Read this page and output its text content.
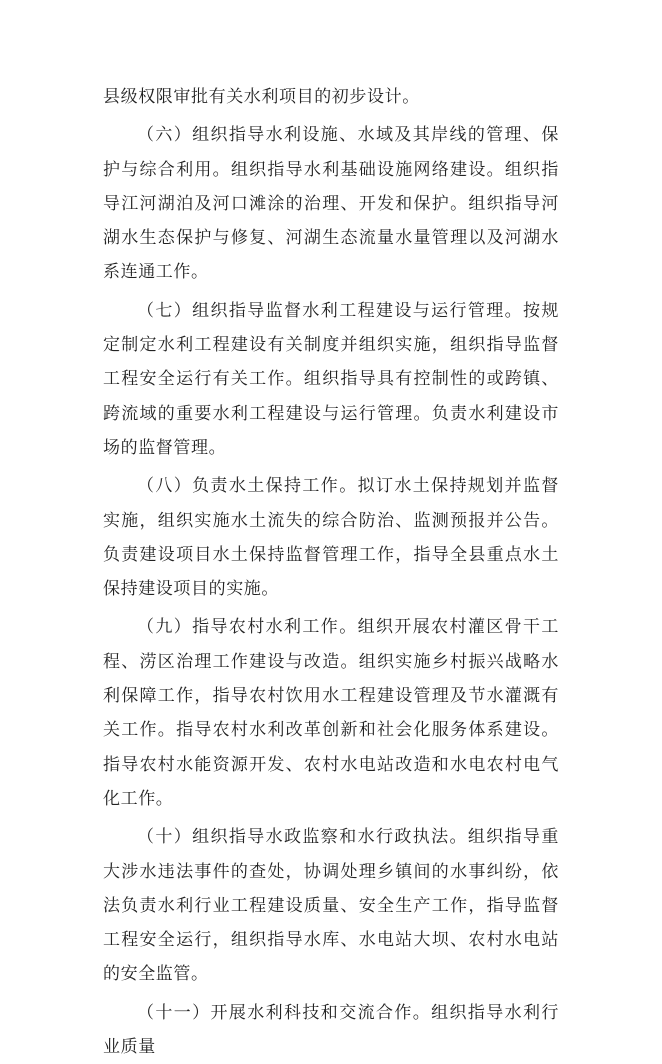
县级权限审批有关水利项目的初步设计。

（六）组织指导水利设施、水域及其岸线的管理、保护与综合利用。组织指导水利基础设施网络建设。组织指导江河湖泊及河口滩涂的治理、开发和保护。组织指导河湖水生态保护与修复、河湖生态流量水量管理以及河湖水系连通工作。

（七）组织指导监督水利工程建设与运行管理。按规定制定水利工程建设有关制度并组织实施，组织指导监督工程安全运行有关工作。组织指导具有控制性的或跨镇、跨流域的重要水利工程建设与运行管理。负责水利建设市场的监督管理。

（八）负责水土保持工作。拟订水土保持规划并监督实施，组织实施水土流失的综合防治、监测预报并公告。负责建设项目水土保持监督管理工作，指导全县重点水土保持建设项目的实施。

（九）指导农村水利工作。组织开展农村灌区骨干工程、涝区治理工作建设与改造。组织实施乡村振兴战略水利保障工作，指导农村饮用水工程建设管理及节水灌溉有关工作。指导农村水利改革创新和社会化服务体系建设。指导农村水能资源开发、农村水电站改造和水电农村电气化工作。

（十）组织指导水政监察和水行政执法。组织指导重大涉水违法事件的查处，协调处理乡镇间的水事纠纷，依法负责水利行业工程建设质量、安全生产工作，指导监督工程安全运行，组织指导水库、水电站大坝、农村水电站的安全监管。

（十一）开展水利科技和交流合作。组织指导水利行业质量
